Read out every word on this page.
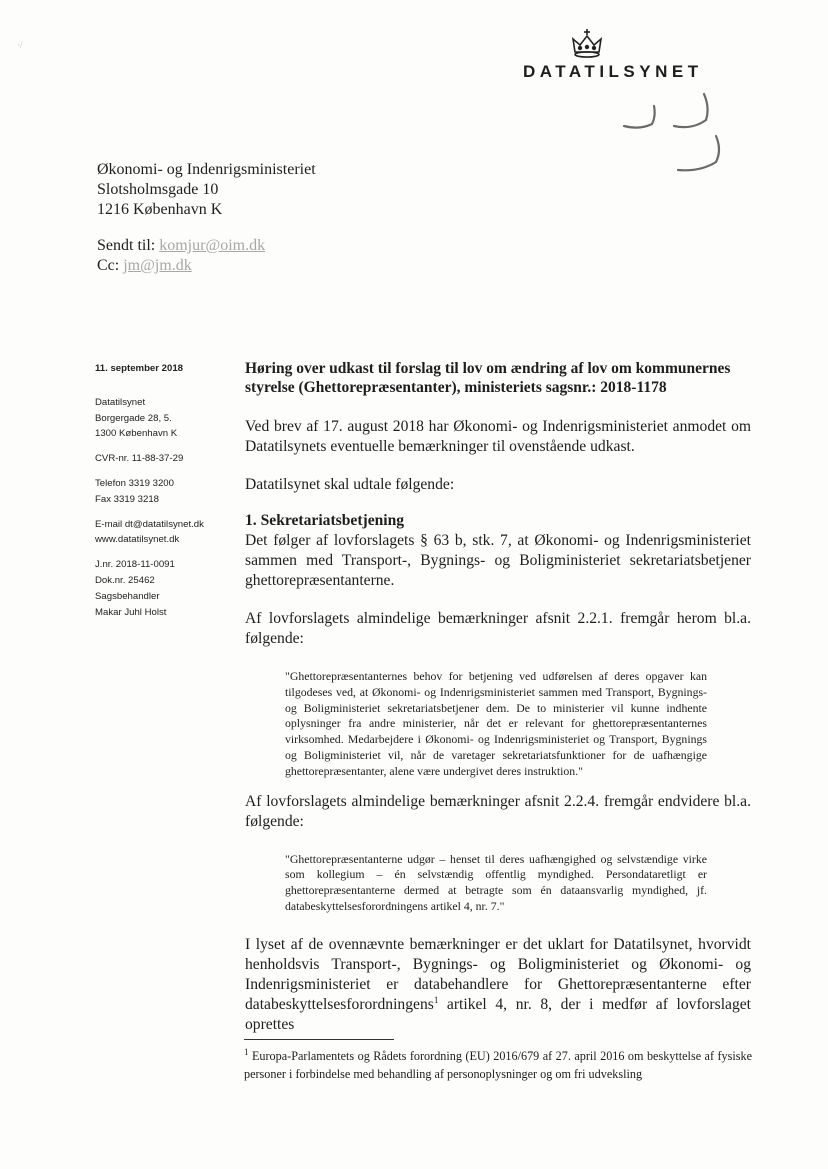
·/
DATATILSYNET
Økonomi- og Indenrigsministeriet
Slotsholmsgade 10
1216 København K
Sendt til: komjur@oim.dk
Cc: jm@jm.dk
11. september 2018
Datatilsynet
Borgergade 28, 5.
1300 København K
CVR-nr. 11-88-37-29
Telefon 3319 3200
Fax 3319 3218
E-mail dt@datatilsynet.dk
www.datatilsynet.dk
J.nr. 2018-11-0091
Dok.nr. 25462
Sagsbehandler
Makar Juhl Holst

Høring over udkast til forslag til lov om ændring af lov om kommunernes styrelse (Ghettorepræsentanter), ministeriets sagsnr.: 2018-1178

Ved brev af 17. august 2018 har Økonomi- og Indenrigsministeriet anmodet om Datatilsynets eventuelle bemærkninger til ovenstående udkast.

Datatilsynet skal udtale følgende:

1. Sekretariatsbetjening

Det følger af lovforslagets § 63 b, stk. 7, at Økonomi- og Indenrigsministeriet sammen med Transport-, Bygnings- og Boligministeriet sekretariatsbetjener ghettorepræsentanterne.

Af lovforslagets almindelige bemærkninger afsnit 2.2.1. fremgår herom bl.a. følgende:

"Ghettorepræsentanternes behov for betjening ved udførelsen af deres opgaver kan tilgodeses ved, at Økonomi- og Indenrigsministeriet sammen med Transport, Bygnings- og Boligministeriet sekretariatsbetjener dem. De to ministerier vil kunne indhente oplysninger fra andre ministerier, når det er relevant for ghettorepræsentanternes virksomhed. Medarbejdere i Økonomi- og Indenrigsministeriet og Transport, Bygnings og Boligministeriet vil, når de varetager sekretariatsfunktioner for de uafhængige ghettorepræsentanter, alene være undergivet deres instruktion."

Af lovforslagets almindelige bemærkninger afsnit 2.2.4. fremgår endvidere bl.a. følgende:

"Ghettorepræsentanterne udgør – henset til deres uafhængighed og selvstændige virke som kollegium – én selvstændig offentlig myndighed. Persondataretligt er ghettorepræsentanterne dermed at betragte som én dataansvarlig myndighed, jf. databeskyttelsesforordningens artikel 4, nr. 7."

I lyset af de ovennævnte bemærkninger er det uklart for Datatilsynet, hvorvidt henholdsvis Transport-, Bygnings- og Boligministeriet og Økonomi- og Indenrigsministeriet er databehandlere for Ghettorepræsentanterne efter databeskyttelsesforordningens$^1$ artikel 4, nr. 8, der i medfør af lovforslaget oprettes

$^1$ Europa-Parlamentets og Rådets forordning (EU) 2016/679 af 27. april 2016 om beskyttelse af fysiske personer i forbindelse med behandling af personoplysninger og om fri udveksling
